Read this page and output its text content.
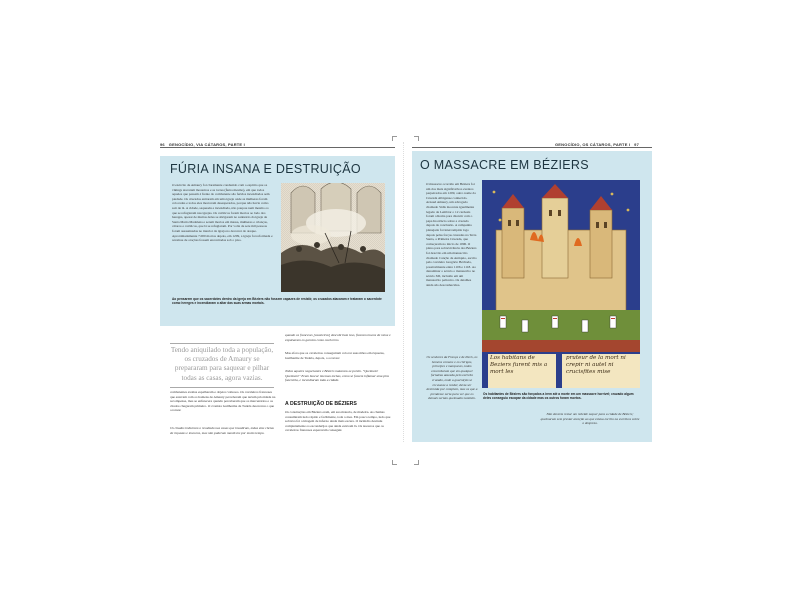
96 GENOCÍDIO, VIA CÁTAROS, PARTE I
FÚRIA INSANA E DESTRUIÇÃO
O exército de Amaury foi claramente conduzido com o espírito que os vikings atacaram mosteiros e as torres (Íerna mesmo), em que todos aqueles que passam à frente do combatente são feridos incendiados sem piedade. Os cruzados entraram em uma igreja onde as mulheres foram colocadas e todos eles morreram desesperados, porque não havia como sair de lá. A cidade, saqueada e incendiada, não poupou nem mesmo os que se refugiaram nas igrejas. Os católicos foram mortos ao lado dos hereges, apesar de muitos deles se abrigarem no santuário da igreja de Santa Maria Madalena e serem mortos em massa, mulheres e crianças, cátaros e católicos, que lá se refugiaram. Por volta de sete mil pessoas foram assassinadas no interior da igreja no decorrer do ataque. Aproximadamente 7.000 mortos depois, em 1209, a igreja foi reformada e retomou de orações fossem encontradas sob o piso.
Ao pensarem que os sacerdotes dentro da igreja em Béziers não fossem capazes de resistir, os cruzados atacaram e trataram o sacerdote como hereges e incendiaram o altar das suas armas mortais.
Tendo aniquilado toda a população, os cruzados de Amaury se prepararam para saquear e pilhar todas as casas, agora vazias.
combatentes exaltas espalharam e objetos valiosos. Os cavaleiros franceses que estavam com os homens de Amaury perceberam que teriam prioridade na recompensa, mas se enfurecera quando perceberam que os mercenários e os citados chegaram primeiro. O cronista Guilherme de Tudela descreveu o que ocorreu:
Os citados imbuíram o resultado nas casas que invadiram, todas elas cheias de riquezas e tesouros, mas não puderam mantê-los por muito tempo.
quando os franceses [cavaleiros] descobriram isso, ficaram loucos de raiva e expulsaram os garotos como cachorros.
Mas afora que os cavaleiros conseguiram colocar suas mãos em riquezas, Guilherme de Tudela, depois, o ocorreu:
Todos aqueles negociantes e Béziers mataram-se porém. "Queimem! Queimem!" Eram buscar imensas tochas, como se fossem inflamar uma pira funerária, e incendiaram toda a cidade.
A DESTRUIÇÃO DE BÉZIERS
Os construções em Béziers eram, em sua maioria, de madeira. As chamas consumiram tudo rápido e facilmente, toda a área. Em pouco tempo, tudo que sobrava foi a imagem de inferno ainda mais escura. O incêndio destruiu completamente os esconderijos que ainda estavam lá. Os tesouros que os cavaleiros franceses esperavam conseguir.
GENOCÍDIO, OS CÁTAROS, PARTE I 97
O MASSACRE EM BÉZIERS
O massacre ocorrido em Béziers foi um dos mais significativos eventos perpetrados em 1209, outro nome da Cruzada Albigense conhecido. Arnaud Amaury, um advogado chamado Sidis inocente igualmente legado de Lembrar o 12 cardeais foram a Roma para discutir com o papa Inocêncio sobre a cruzada depois da conclusão. A campanha planejada foi interrompida logo depois pelas forças cruzadas na Terra Santa, a Primeira Cruzada, que começaram no início de 1096. O plano para sobrevivência dos Béziers foi descrito em um manuscrito chamado Canção de Antíquio, escrito pelo cavaleiro Gregório Béchada, possivelmente entre 1106 e 1118. Ao denominar o século o manuscrito no século XII, incluído em um manuscrito peliceiro. Os detalhes ainda são desconhecidos.
Os senhores da França e de Paris, os homens comuns e os clérigos, príncipes e marqueses, todos concordaram que em qualquer fortaleza atacada pelo exército cruzado, onde a guarnição se recusasse a render, devia ser destruída por completo, mas os que a prendesse seria para ver que os demais seriam queimados também.
Los habitans de Beziers furent mis a mort les
pruteur de la mort ni crepir ni autel ni crucisfites mise
Os habitantes de Béziers são forçados a irem até a morte em um massacre horrível; cruzado algum deles conseguiu escapar da cidade mas os outros foram mortos.
Não deveria restar um rebelde sequer para a cidade de Béziers; queimaram sem prestar atenção ao que estava escrito na escritura sobre o desprezo.
